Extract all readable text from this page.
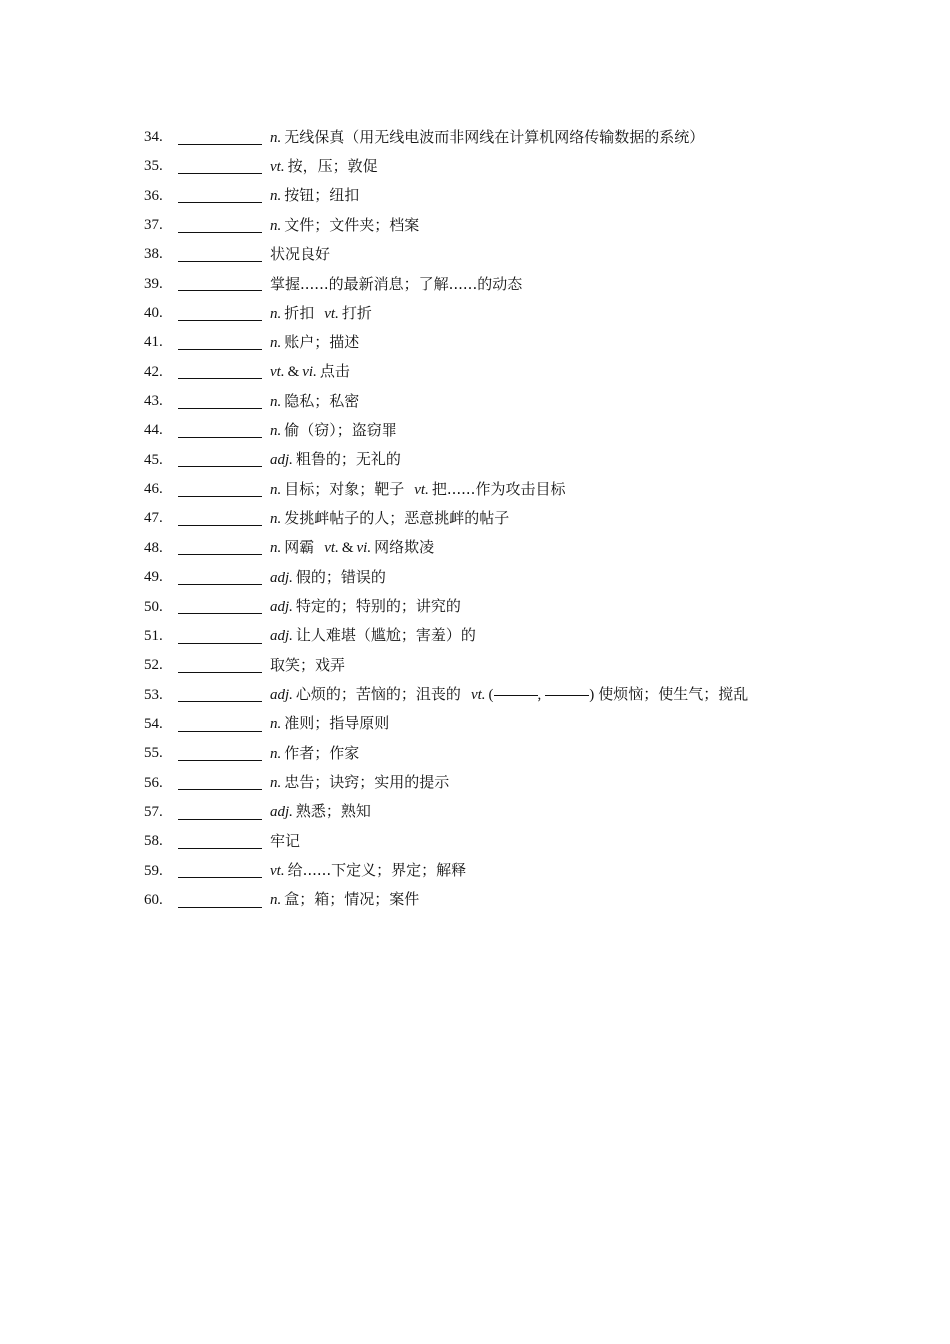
34.	n. 无线保真（用无线电波而非网线在计算机网络传输数据的系统）
35.	vt. 按，压；敦促
36.	n. 按钮；纽扣
37.	n. 文件；文件夹；档案
38.	状况良好
39.	掌握......的最新消息；了解......的动态
40.	n. 折扣 vt. 打折
41.	n. 账户；描述
42.	vt. & vi. 点击
43.	n. 隐私；私密
44.	n. 偷（窃）；盗窃罪
45.	adj. 粗鲁的；无礼的
46.	n. 目标；对象；靶子 vt. 把......作为攻击目标
47.	n. 发挑衅帖子的人；恶意挑衅的帖子
48.	n. 网霸 vt. & vi. 网络欺凌
49.	adj. 假的；错误的
50.	adj. 特定的；特别的；讲究的
51.	adj. 让人难堪（尴尬；害羞）的
52.	取笑；戏弄
53.	adj. 心烦的；苦恼的；沮丧的 vt. (	,	) 使烦恼；使生气；搅乱
54.	n. 准则；指导原则
55.	n. 作者；作家
56.	n. 忠告；诀窍；实用的提示
57.	adj. 熟悉；熟知
58.	牢记
59.	vt. 给......下定义；界定；解释
60.	n. 盒；箱；情况；案件
